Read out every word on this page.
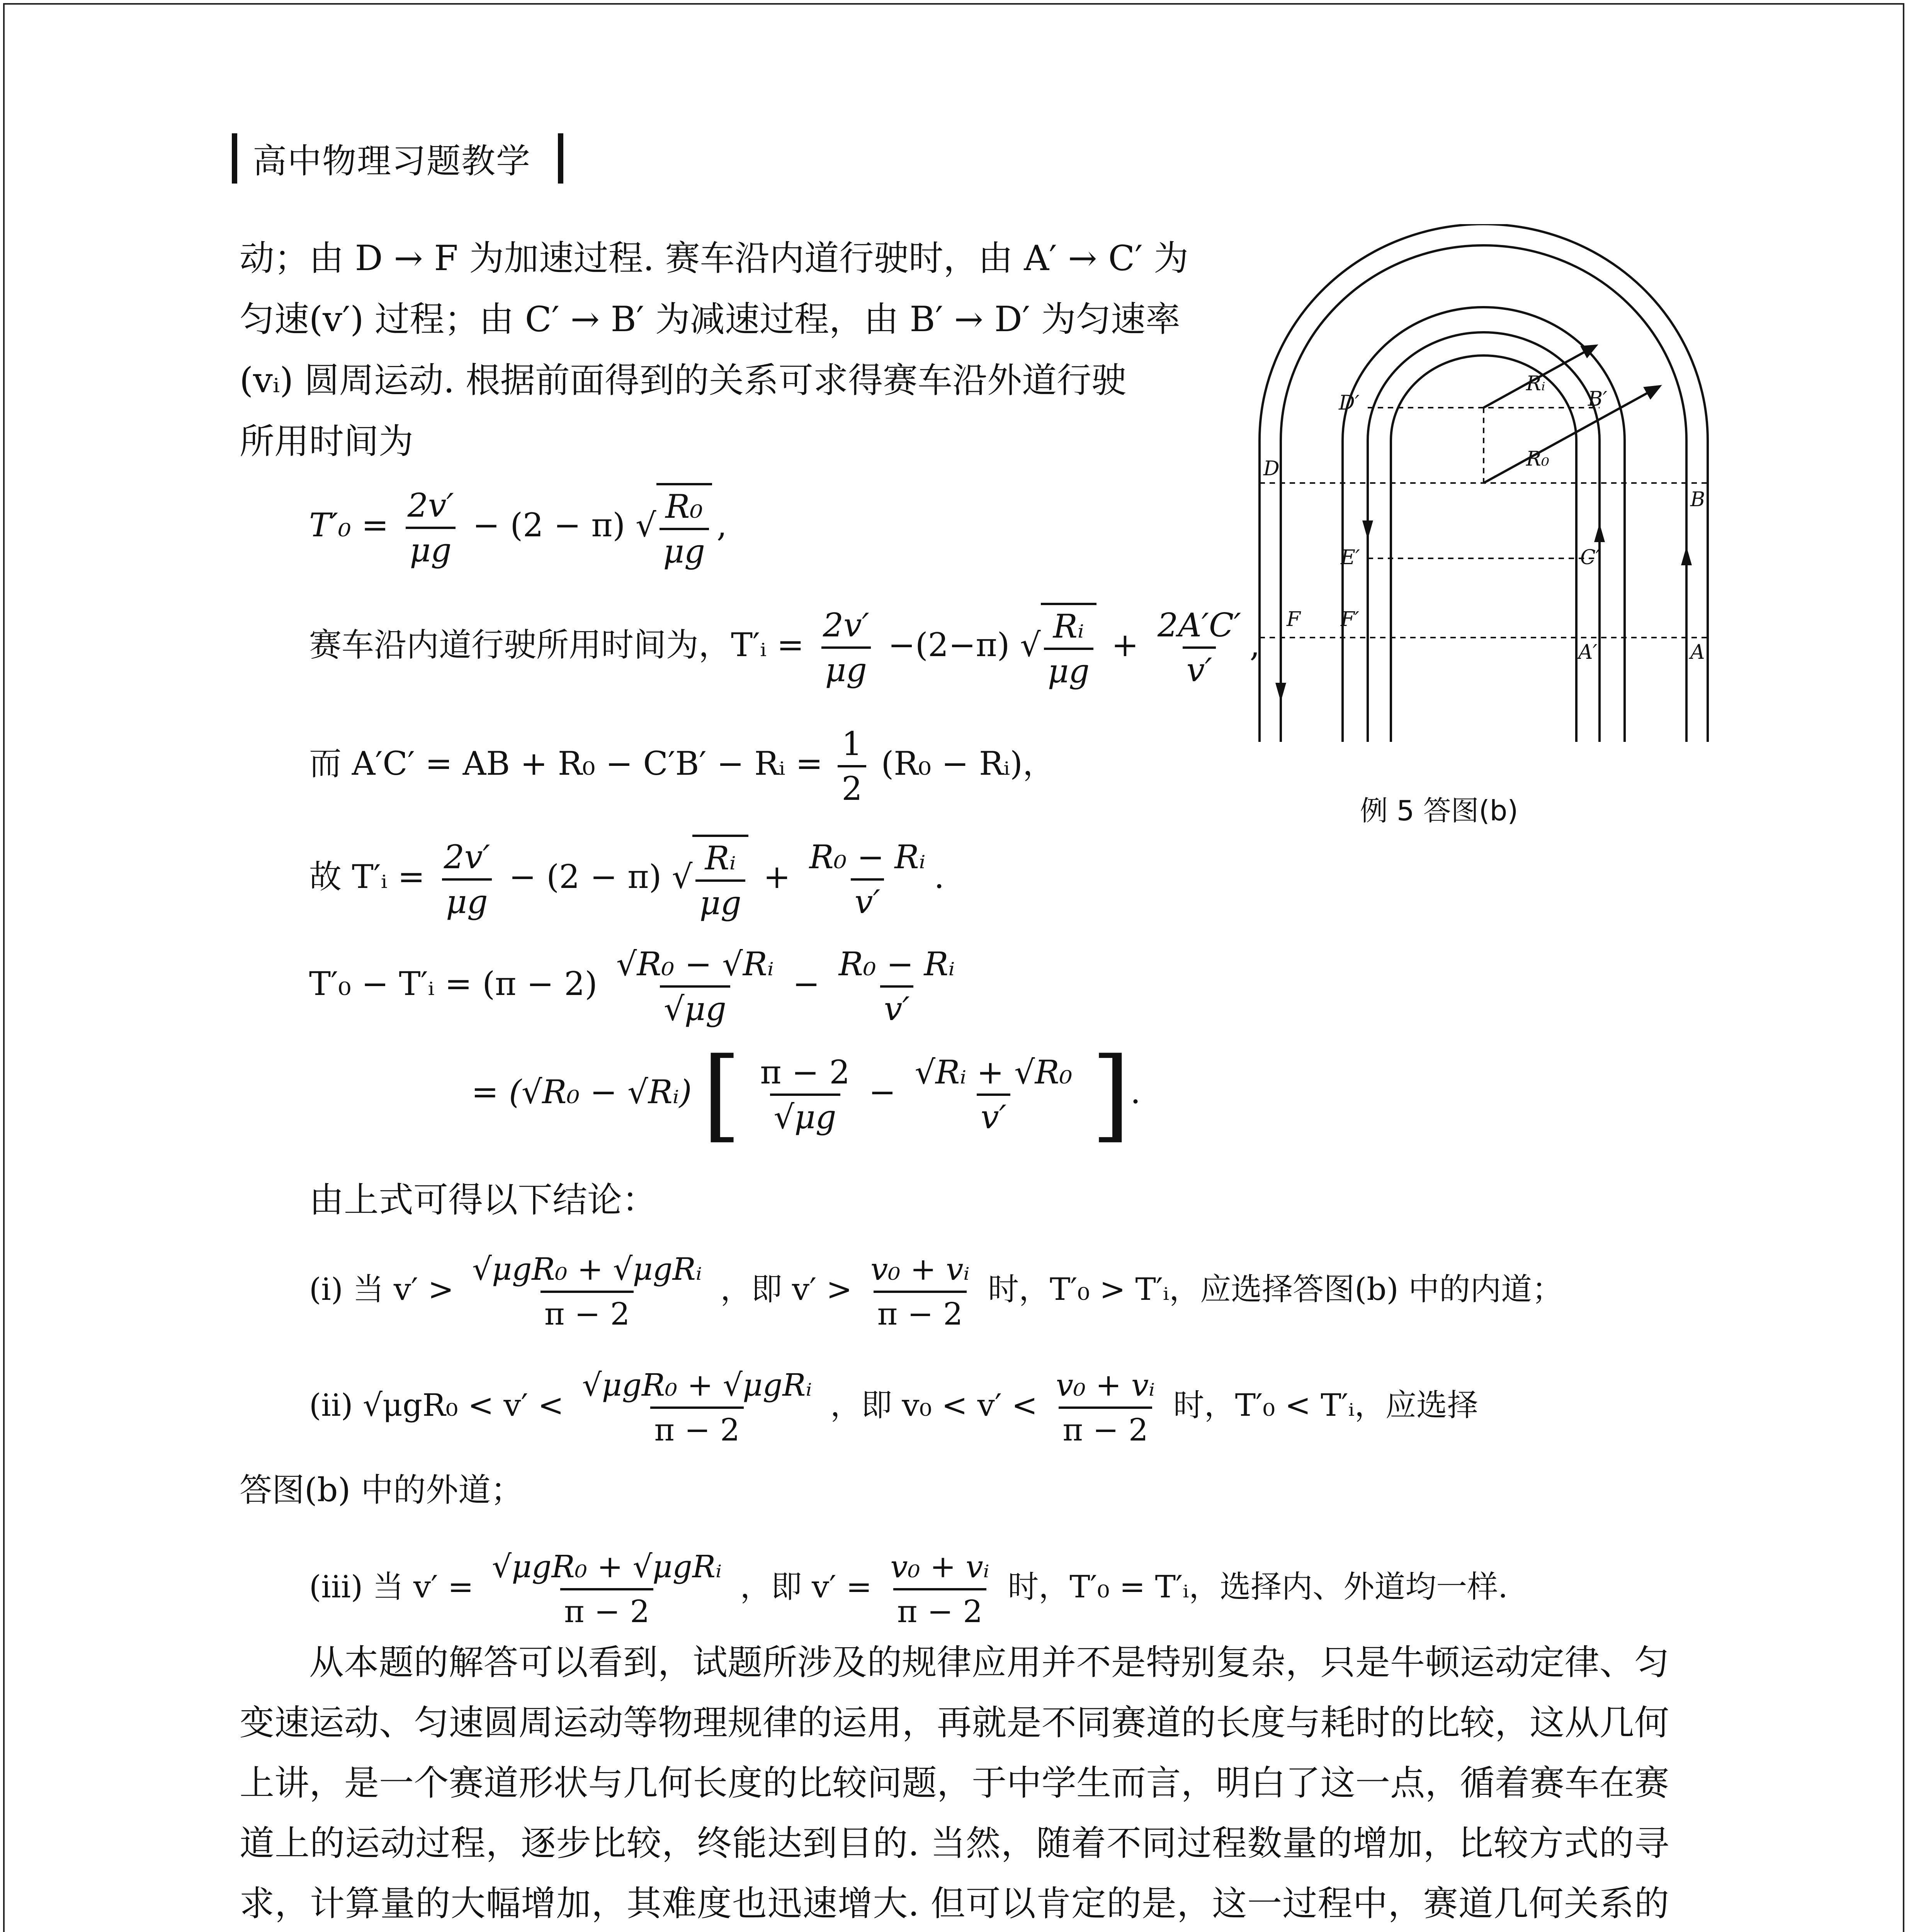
高中物理习题教学
动；由 D → F 为加速过程. 赛车沿内道行驶时，由 A′ → C′ 为
匀速(v′) 过程；由 C′ → B′ 为减速过程，由 B′ → D′ 为匀速率
(vᵢ) 圆周运动. 根据前面得到的关系可求得赛车沿外道行驶
所用时间为
$T'_0 = \frac{2v'}{\mu g} - (2 - \pi)$ √ $\frac{\text{R₀}}{\mu g}$ ,
赛车沿内道行驶所用时间为，T′ᵢ = $\frac{2v'}{\mu g} -(2-\pi)$ √ $\frac{\text{Rᵢ}}{\mu g} + \frac{2A'C'}{v'}$ ,
而 A′C′ = AB + R₀ − C′B′ − Rᵢ = $\frac{1}{2} (R_0$ − Rᵢ)，
故 T′ᵢ = $\frac{2v'}{\mu g} - (2 - \pi)$ √ $\frac{\text{Rᵢ}}{\mu g} + \frac{\text{R₀ − Rᵢ}}{v'}$ .
T′₀ − T′ᵢ = $(\pi - 2) \frac{\text{√R₀ − √Rᵢ}}{√\mu g} - \frac{\text{R₀ − Rᵢ}}{v'}$
= (√R₀ − √Rᵢ) [ $\frac{\pi - 2}{√\mu g} - \frac{\text{√Rᵢ + √R₀}}{v'}$ ].
由上式可得以下结论：
(ⅰ) 当 $v' > \frac{\text{√μgR₀ + √μgRᵢ}}{\pi - 2}$ ，即 $v' > \frac{\text{v₀ + vᵢ}}{\pi - 2}$ 时，T′₀ > T′ᵢ，应选择答图(b) 中的内道；
(ⅱ) $√\mu gR_0 < v' < \frac{\text{√μgR₀ + √μgRᵢ}}{\pi - 2}$ ，即 $v_0 < v' < \frac{\text{v₀ + vᵢ}}{\pi - 2}$ 时，T′₀ < T′ᵢ，应选择
答图(b) 中的外道；
(ⅲ) 当 $v' = \frac{\text{√μgR₀ + √μgRᵢ}}{\pi - 2}$ ，即 $v' = \frac{\text{v₀ + vᵢ}}{\pi - 2}$ 时，T′₀ = T′ᵢ，选择内、外道均一样.
从本题的解答可以看到，试题所涉及的规律应用并不是特别复杂，只是牛顿运动定律、匀变速运动、匀速圆周运动等物理规律的运用，再就是不同赛道的长度与耗时的比较，这从几何上讲，是一个赛道形状与几何长度的比较问题，于中学生而言，明白了这一点，循着赛车在赛道上的运动过程，逐步比较，终能达到目的. 当然，随着不同过程数量的增加，比较方式的寻求，计算量的大幅增加，其难度也迅速增大. 但可以肯定的是，这一过程中，赛道几何关系的
D′
Rᵢ
B′
R₀
D
B
E′	C′
F F′
A′	A
例 5 答图(b)
